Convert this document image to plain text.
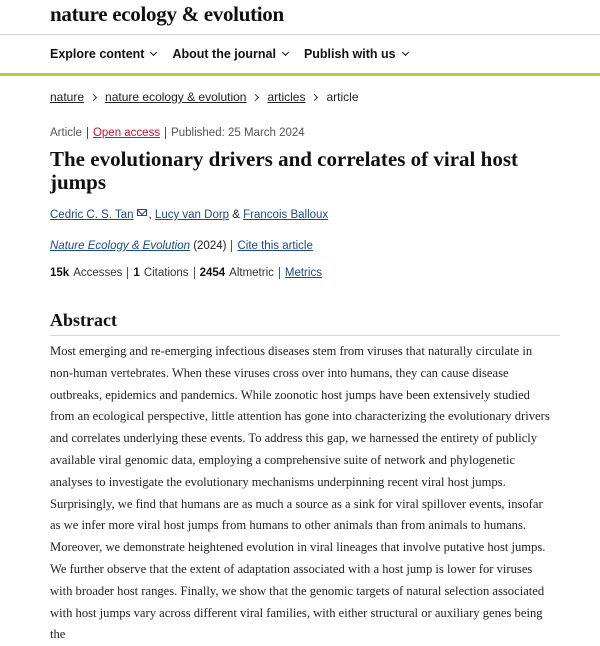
nature ecology & evolution
Explore content About the journal Publish with us
nature nature ecology & evolution articles article
Article Open access Published: 25 March 2024
The evolutionary drivers and correlates of viral host jumps
Cedric C. S. Tan ,
Lucy van Dorp
&
Francois Balloux
Nature Ecology & Evolution
(2024) Cite this article
15k Accesses 1 Citations 2454 Altmetric Metrics
Abstract

Most emerging and re-emerging infectious diseases stem from viruses that naturally circulate in non-human vertebrates. When these viruses cross over into humans, they can cause disease outbreaks, epidemics and pandemics. While zoonotic host jumps have been extensively studied from an ecological perspective, little attention has gone into characterizing the evolutionary drivers and correlates underlying these events. To address this gap, we harnessed the entirety of publicly available viral genomic data, employing a comprehensive suite of network and phylogenetic analyses to investigate the evolutionary mechanisms underpinning recent viral host jumps. Surprisingly, we find that humans are as much a source as a sink for viral spillover events, insofar as we infer more viral host jumps from humans to other animals than from animals to humans. Moreover, we demonstrate heightened evolution in viral lineages that involve putative host jumps. We further observe that the extent of adaptation associated with a host jump is lower for viruses with broader host ranges. Finally, we show that the genomic targets of natural selection associated with host jumps vary across different viral families, with either structural or auxiliary genes being the
